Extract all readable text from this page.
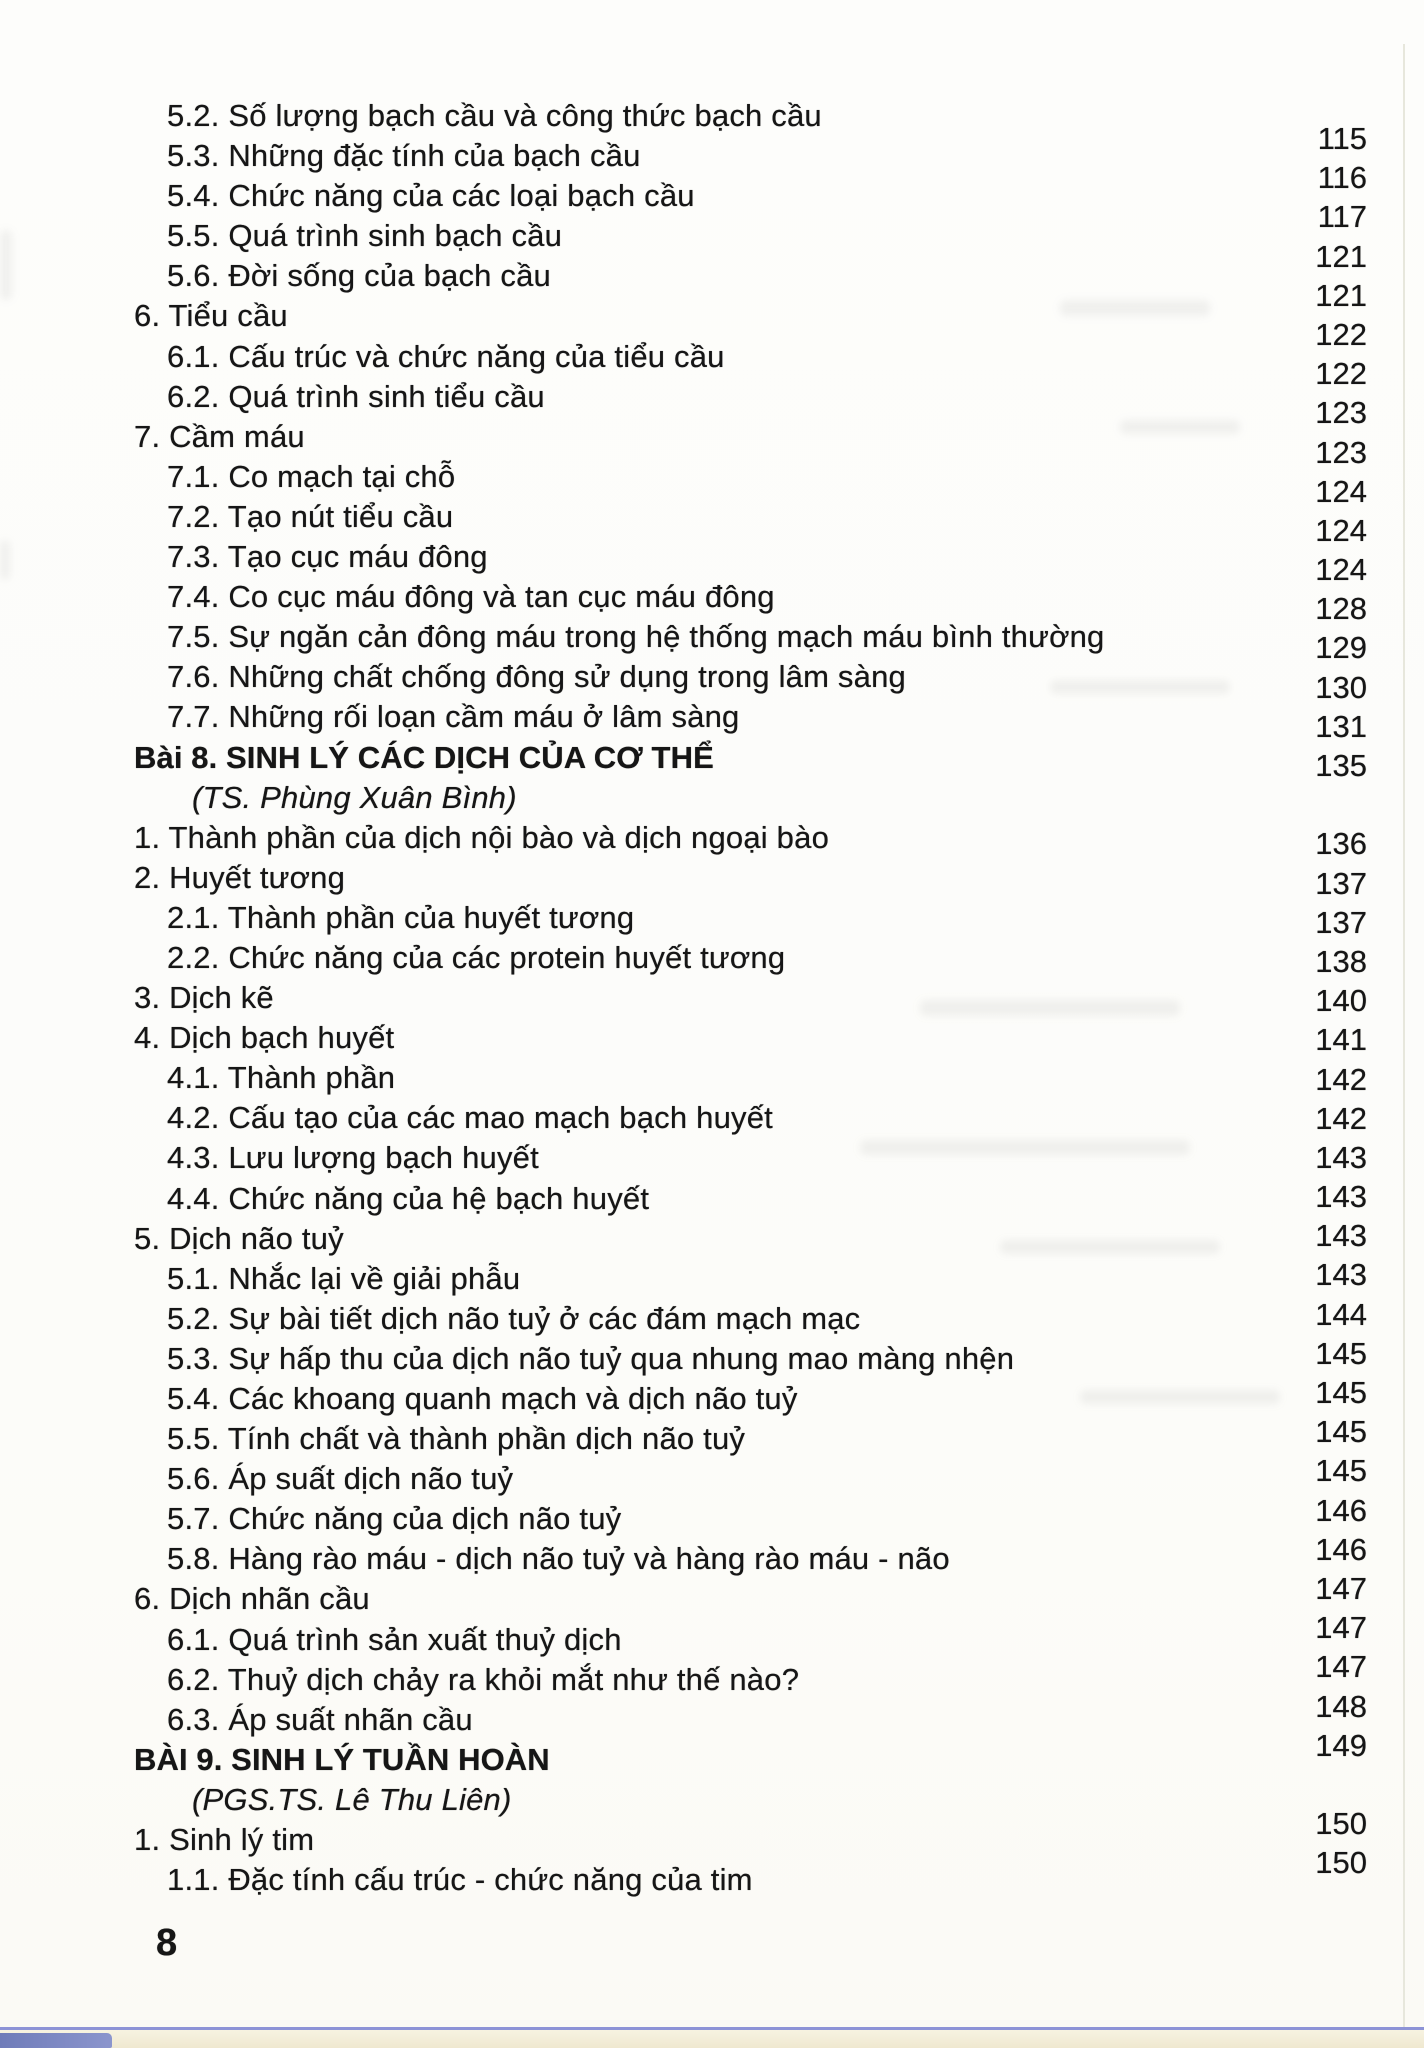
5.2. Số lượng bạch cầu và công thức bạch cầu
5.3. Những đặc tính của bạch cầu
5.4. Chức năng của các loại bạch cầu
5.5. Quá trình sinh bạch cầu
5.6. Đời sống của bạch cầu
6. Tiểu cầu
6.1. Cấu trúc và chức năng của tiểu cầu
6.2. Quá trình sinh tiểu cầu
7. Cầm máu
7.1. Co mạch tại chỗ
7.2. Tạo nút tiểu cầu
7.3. Tạo cục máu đông
7.4. Co cục máu đông và tan cục máu đông
7.5. Sự ngăn cản đông máu trong hệ thống mạch máu bình thường
7.6. Những chất chống đông sử dụng trong lâm sàng
7.7. Những rối loạn cầm máu ở lâm sàng
Bài 8. SINH LÝ CÁC DỊCH CỦA CƠ THỂ
(TS. Phùng Xuân Bình)
1. Thành phần của dịch nội bào và dịch ngoại bào
2. Huyết tương
2.1. Thành phần của huyết tương
2.2. Chức năng của các protein huyết tương
3. Dịch kẽ
4. Dịch bạch huyết
4.1. Thành phần
4.2. Cấu tạo của các mao mạch bạch huyết
4.3. Lưu lượng bạch huyết
4.4. Chức năng của hệ bạch huyết
5. Dịch não tuỷ
5.1. Nhắc lại về giải phẫu
5.2. Sự bài tiết dịch não tuỷ ở các đám mạch mạc
5.3. Sự hấp thu của dịch não tuỷ qua nhung mao màng nhện
5.4. Các khoang quanh mạch và dịch não tuỷ
5.5. Tính chất và thành phần dịch não tuỷ
5.6. Áp suất dịch não tuỷ
5.7. Chức năng của dịch não tuỷ
5.8. Hàng rào máu - dịch não tuỷ và hàng rào máu - não
6. Dịch nhãn cầu
6.1. Quá trình sản xuất thuỷ dịch
6.2. Thuỷ dịch chảy ra khỏi mắt như thế nào?
6.3. Áp suất nhãn cầu
BÀI 9. SINH LÝ TUẦN HOÀN
(PGS.TS. Lê Thu Liên)
1. Sinh lý tim
1.1. Đặc tính cấu trúc - chức năng của tim
115
116
117
121
121
122
122
123
123
124
124
124
128
129
130
131
135
136
137
137
138
140
141
142
142
143
143
143
143
144
145
145
145
145
146
146
147
147
147
148
149
150
150
8
